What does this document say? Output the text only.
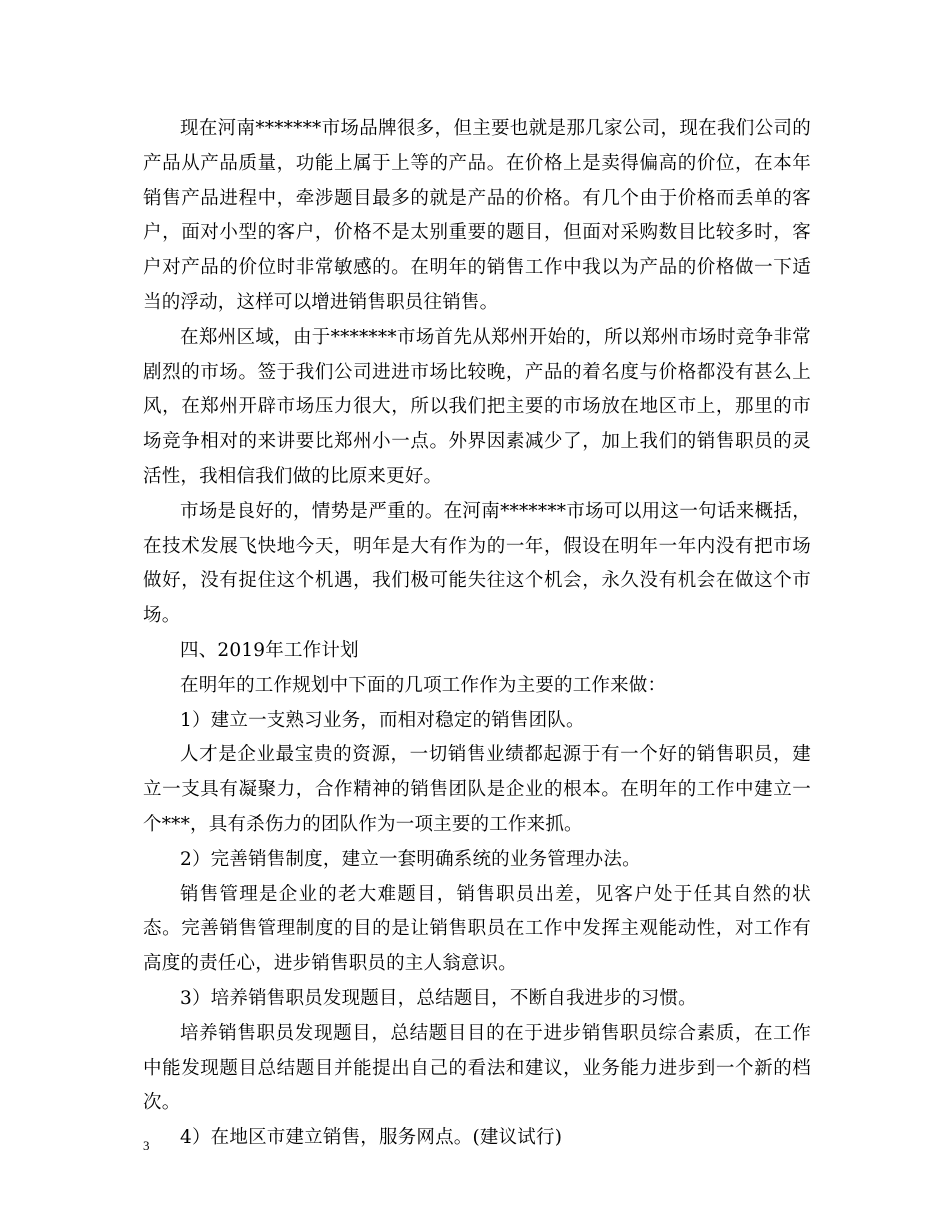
现在河南*******市场品牌很多，但主要也就是那几家公司，现在我们公司的产品从产品质量，功能上属于上等的产品。在价格上是卖得偏高的价位，在本年销售产品进程中，牵涉题目最多的就是产品的价格。有几个由于价格而丢单的客户，面对小型的客户，价格不是太别重要的题目，但面对采购数目比较多时，客户对产品的价位时非常敏感的。在明年的销售工作中我以为产品的价格做一下适当的浮动，这样可以增进销售职员往销售。

在郑州区域，由于*******市场首先从郑州开始的，所以郑州市场时竞争非常剧烈的市场。签于我们公司进进市场比较晚，产品的着名度与价格都没有甚么上风，在郑州开辟市场压力很大，所以我们把主要的市场放在地区市上，那里的市场竞争相对的来讲要比郑州小一点。外界因素减少了，加上我们的销售职员的灵活性，我相信我们做的比原来更好。

市场是良好的，情势是严重的。在河南*******市场可以用这一句话来概括，在技术发展飞快地今天，明年是大有作为的一年，假设在明年一年内没有把市场做好，没有捉住这个机遇，我们极可能失往这个机会，永久没有机会在做这个市场。

四、2019年工作计划

在明年的工作规划中下面的几项工作作为主要的工作来做：

1）建立一支熟习业务，而相对稳定的销售团队。

人才是企业最宝贵的资源，一切销售业绩都起源于有一个好的销售职员，建立一支具有凝聚力，合作精神的销售团队是企业的根本。在明年的工作中建立一个***，具有杀伤力的团队作为一项主要的工作来抓。

2）完善销售制度，建立一套明确系统的业务管理办法。

销售管理是企业的老大难题目，销售职员出差，见客户处于任其自然的状态。完善销售管理制度的目的是让销售职员在工作中发挥主观能动性，对工作有高度的责任心，进步销售职员的主人翁意识。

3）培养销售职员发现题目，总结题目，不断自我进步的习惯。

培养销售职员发现题目，总结题目目的在于进步销售职员综合素质，在工作中能发现题目总结题目并能提出自己的看法和建议，业务能力进步到一个新的档次。

4）在地区市建立销售，服务网点。(建议试行)

3
